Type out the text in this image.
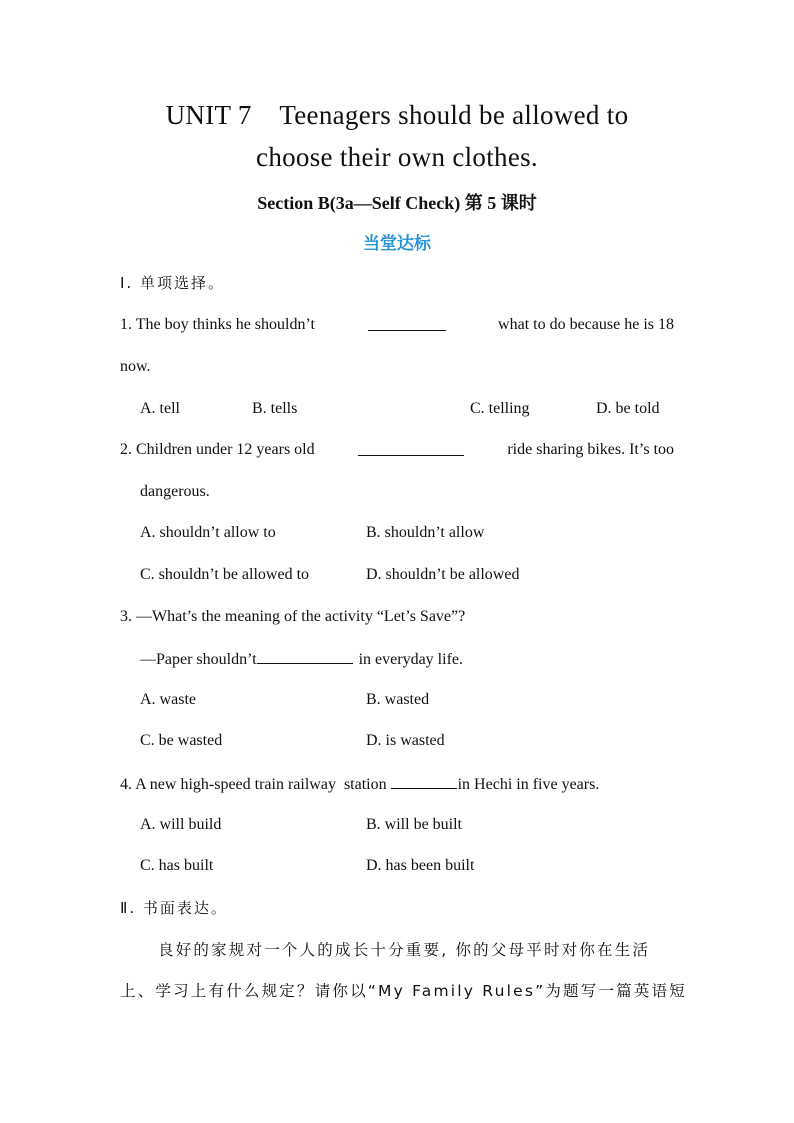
UNIT 7    Teenagers should be allowed to
choose their own clothes.
Section B(3a—Self Check) 第 5 课时
当堂达标
Ⅰ. 单项选择。
1. The boy thinks he shouldn’t	what to do because he is 18
now.
A. tell	B. tells	C. telling	D. be told
2. Children under 12 years old	ride sharing bikes. It’s too
dangerous.
A. shouldn’t allow to	B. shouldn’t allow
C. shouldn’t be allowed to	D. shouldn’t be allowed
3. —What’s the meaning of the activity “Let’s Save”?
—Paper shouldn’t	in everyday life.
A. waste	B. wasted
C. be wasted	D. is wasted
4. A new high-speed train railway  station	in Hechi in five years.
A. will build	B. will be built
C. has built	D. has been built
Ⅱ. 书面表达。
良好的家规对一个人的成长十分重要, 你的父母平时对你在生活
上、学习上有什么规定？请你以“My Family Rules”为题写一篇英语短
